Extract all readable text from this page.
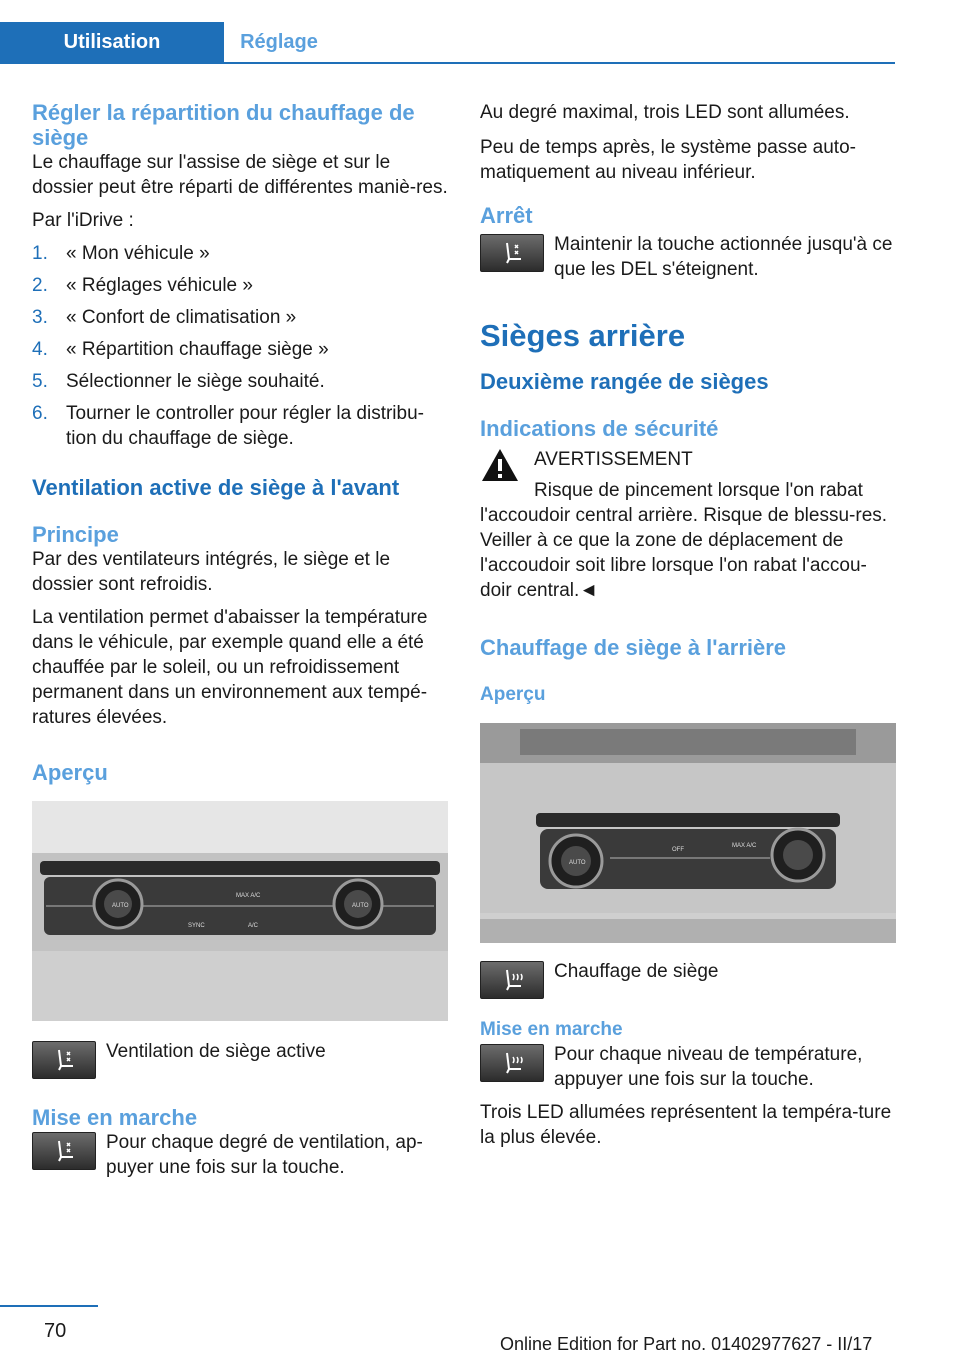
Utilisation	Réglage
Régler la répartition du chauffage de siège

Le chauffage sur l'assise de siège et sur le dossier peut être réparti de différentes maniè-res.

Par l'iDrive :

1. « Mon véhicule »
2. « Réglages véhicule »
3. « Confort de climatisation »
4. « Répartition chauffage siège »
5. Sélectionner le siège souhaité.
6. Tourner le controller pour régler la distribu-tion du chauffage de siège.
Ventilation active de siège à l'avant
Principe

Par des ventilateurs intégrés, le siège et le dossier sont refroidis.

La ventilation permet d'abaisser la température dans le véhicule, par exemple quand elle a été chauffée par le soleil, ou un refroidissement permanent dans un environnement aux tempé-ratures élevées.

Aperçu
AUTO
MAX A/C
SYNC	A/C
AUTO

Ventilation de siège active

Mise en marche

Pour chaque degré de ventilation, ap-puyer une fois sur la touche.

Au degré maximal, trois LED sont allumées.

Peu de temps après, le système passe auto-matiquement au niveau inférieur.

Arrêt

Maintenir la touche actionnée jusqu'à ce que les DEL s'éteignent.

Sièges arrière
Deuxième rangée de sièges
Indications de sécurité
AVERTISSEMENT

Risque de pincement lorsque l'on rabat l'accoudoir central arrière. Risque de blessu-res. Veiller à ce que la zone de déplacement de l'accoudoir soit libre lorsque l'on rabat l'accou-doir central.◄

Chauffage de siège à l'arrière
Aperçu
AUTO
OFF
MAX A/C

Chauffage de siège

Mise en marche

Pour chaque niveau de température, appuyer une fois sur la touche.

Trois LED allumées représentent la tempéra-ture la plus élevée.

70
Online Edition for Part no. 01402977627 - II/17
